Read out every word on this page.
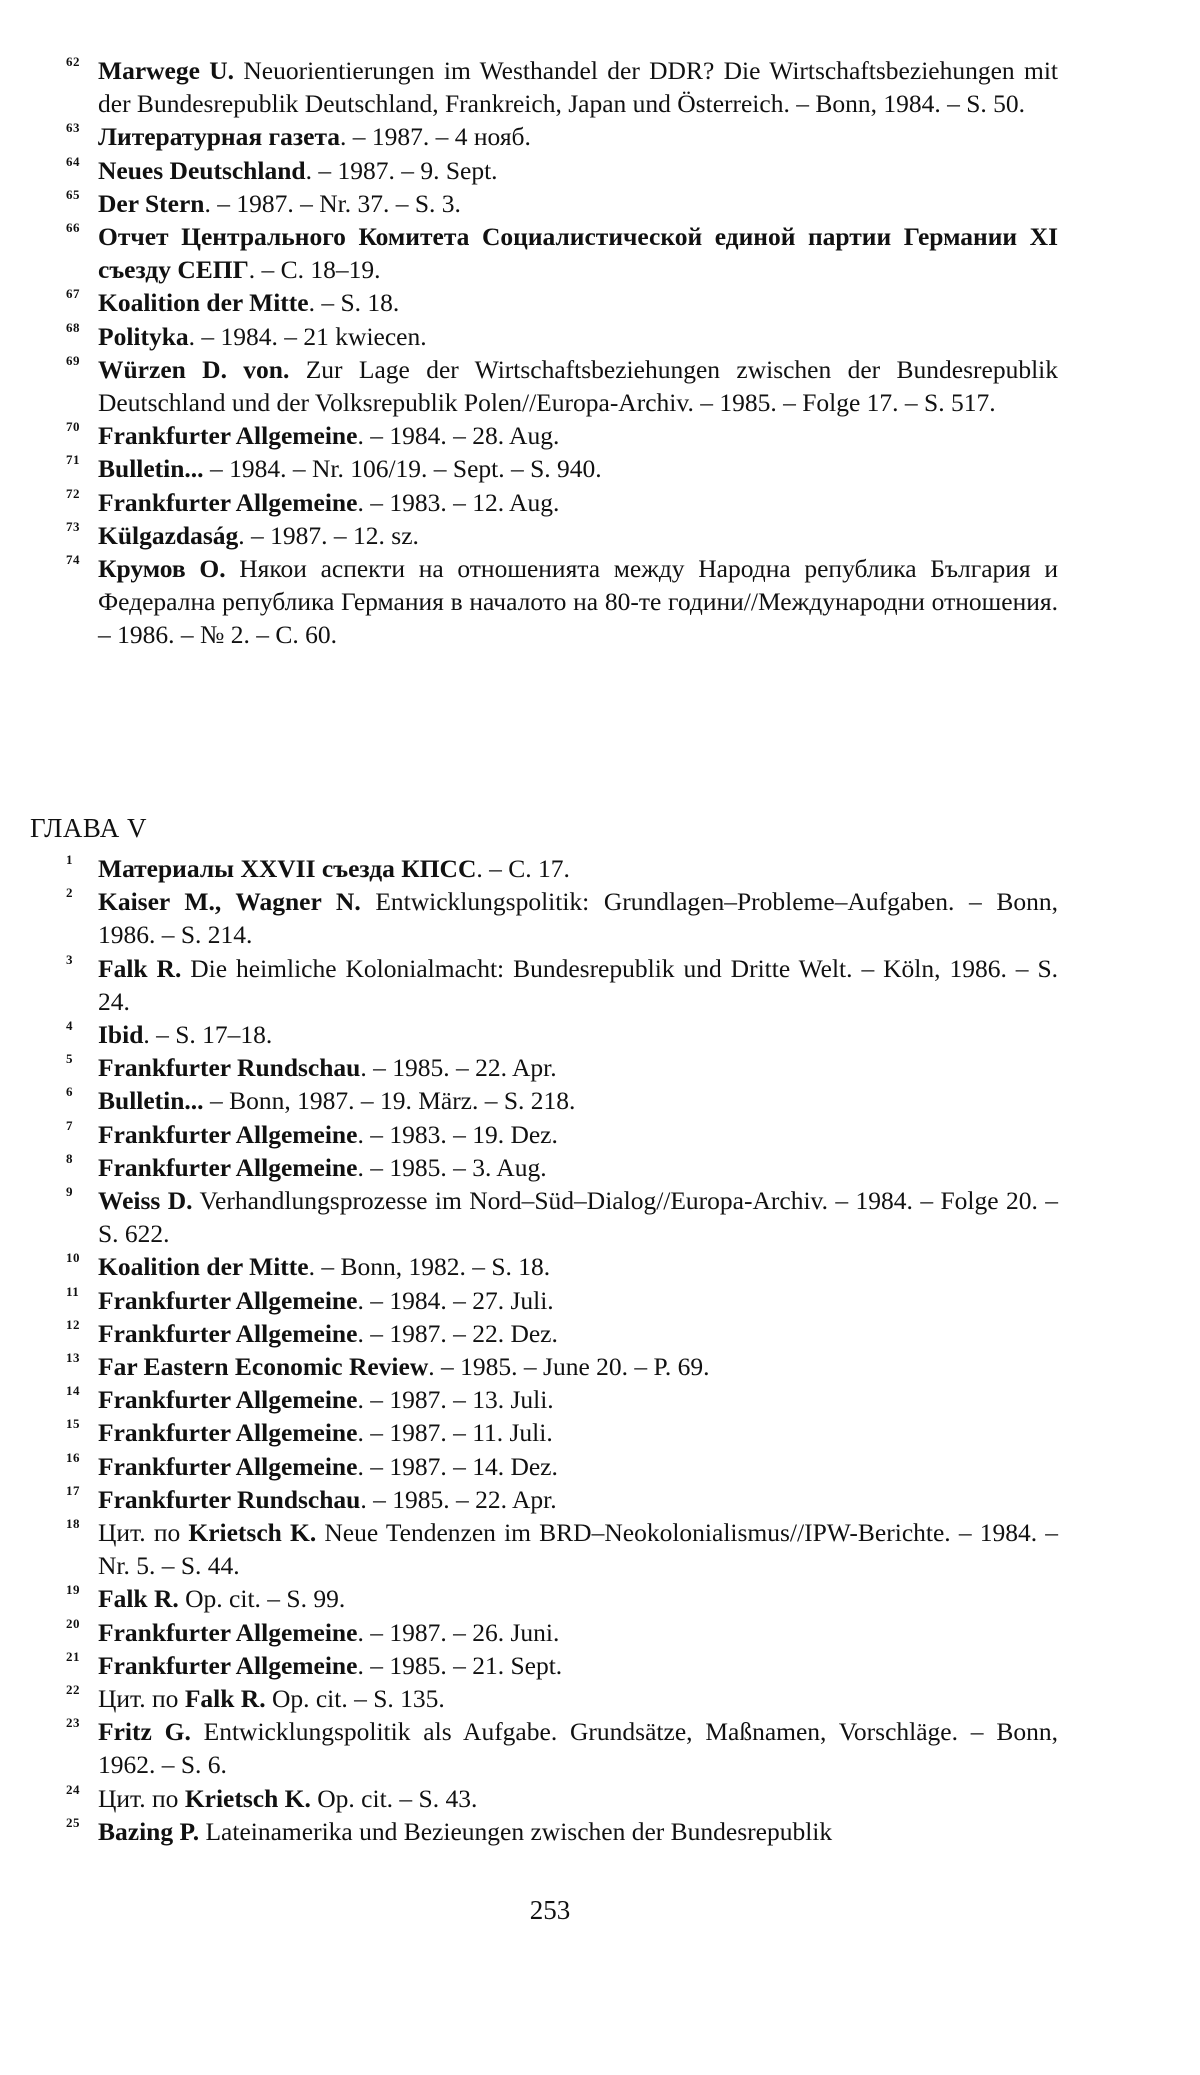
62 Marwege U. Neuorientierungen im Westhandel der DDR? Die Wirtschaftsbeziehungen mit der Bundesrepublik Deutschland, Frankreich, Japan und Österreich. – Bonn, 1984. – S. 50.
63 Литературная газета. – 1987. – 4 нояб.
64 Neues Deutschland. – 1987. – 9. Sept.
65 Der Stern. – 1987. – Nr. 37. – S. 3.
66 Отчет Центрального Комитета Социалистической единой партии Германии XI съезду СЕПГ. – С. 18–19.
67 Koalition der Mitte. – S. 18.
68 Polityka. – 1984. – 21 kwiecen.
69 Würzen D. von. Zur Lage der Wirtschaftsbeziehungen zwischen der Bundesrepublik Deutschland und der Volksrepublik Polen//Europa-Archiv. – 1985. – Folge 17. – S. 517.
70 Frankfurter Allgemeine. – 1984. – 28. Aug.
71 Bulletin... – 1984. – Nr. 106/19. – Sept. – S. 940.
72 Frankfurter Allgemeine. – 1983. – 12. Aug.
73 Külgazdaság. – 1987. – 12. sz.
74 Крумов О. Някои аспекти на отношенията между Народна република България и Федерална република Германия в началото на 80-те години//Международни отношения. – 1986. – № 2. – С. 60.
ГЛАВА V
1 Материалы XXVII съезда КПСС. – С. 17.
2 Kaiser M., Wagner N. Entwicklungspolitik: Grundlagen–Probleme–Aufgaben. – Bonn, 1986. – S. 214.
3 Falk R. Die heimliche Kolonialmacht: Bundesrepublik und Dritte Welt. – Köln, 1986. – S. 24.
4 Ibid. – S. 17–18.
5 Frankfurter Rundschau. – 1985. – 22. Apr.
6 Bulletin... – Bonn, 1987. – 19. März. – S. 218.
7 Frankfurter Allgemeine. – 1983. – 19. Dez.
8 Frankfurter Allgemeine. – 1985. – 3. Aug.
9 Weiss D. Verhandlungsprozesse im Nord–Süd–Dialog//Europa-Archiv. – 1984. – Folge 20. – S. 622.
10 Koalition der Mitte. – Bonn, 1982. – S. 18.
11 Frankfurter Allgemeine. – 1984. – 27. Juli.
12 Frankfurter Allgemeine. – 1987. – 22. Dez.
13 Far Eastern Economic Review. – 1985. – June 20. – P. 69.
14 Frankfurter Allgemeine. – 1987. – 13. Juli.
15 Frankfurter Allgemeine. – 1987. – 11. Juli.
16 Frankfurter Allgemeine. – 1987. – 14. Dez.
17 Frankfurter Rundschau. – 1985. – 22. Apr.
18 Цит. по Krietsch K. Neue Tendenzen im BRD–Neokolonialismus//IPW-Berichte. – 1984. – Nr. 5. – S. 44.
19 Falk R. Op. cit. – S. 99.
20 Frankfurter Allgemeine. – 1987. – 26. Juni.
21 Frankfurter Allgemeine. – 1985. – 21. Sept.
22 Цит. по Falk R. Op. cit. – S. 135.
23 Fritz G. Entwicklungspolitik als Aufgabe. Grundsätze, Maßnamen, Vorschläge. – Bonn, 1962. – S. 6.
24 Цит. по Krietsch K. Op. cit. – S. 43.
25 Bazing P. Lateinamerika und Bezieungen zwischen der Bundesrepublik
253
